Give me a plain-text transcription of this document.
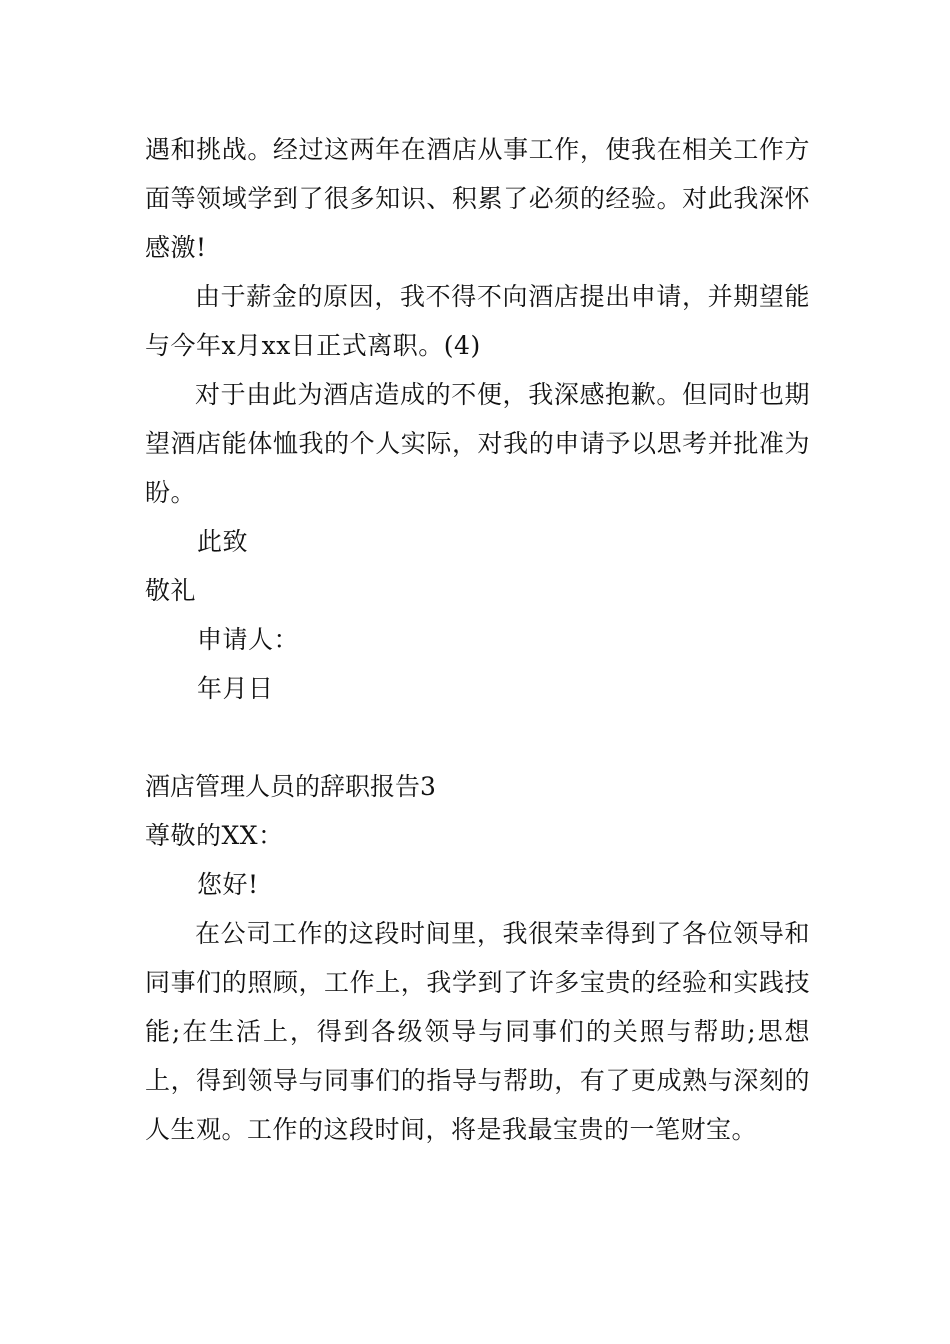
遇和挑战。经过这两年在酒店从事工作，使我在相关工作方面等领域学到了很多知识、积累了必须的经验。对此我深怀感激!

由于薪金的原因，我不得不向酒店提出申请，并期望能与今年x月xx日正式离职。(4)

对于由此为酒店造成的不便，我深感抱歉。但同时也期望酒店能体恤我的个人实际，对我的申请予以思考并批准为盼。

此致

敬礼

申请人：

年月日

酒店管理人员的辞职报告3

尊敬的XX：

您好!

在公司工作的这段时间里，我很荣幸得到了各位领导和同事们的照顾，工作上，我学到了许多宝贵的经验和实践技能;在生活上，得到各级领导与同事们的关照与帮助;思想上，得到领导与同事们的指导与帮助，有了更成熟与深刻的人生观。工作的这段时间，将是我最宝贵的一笔财宝。
